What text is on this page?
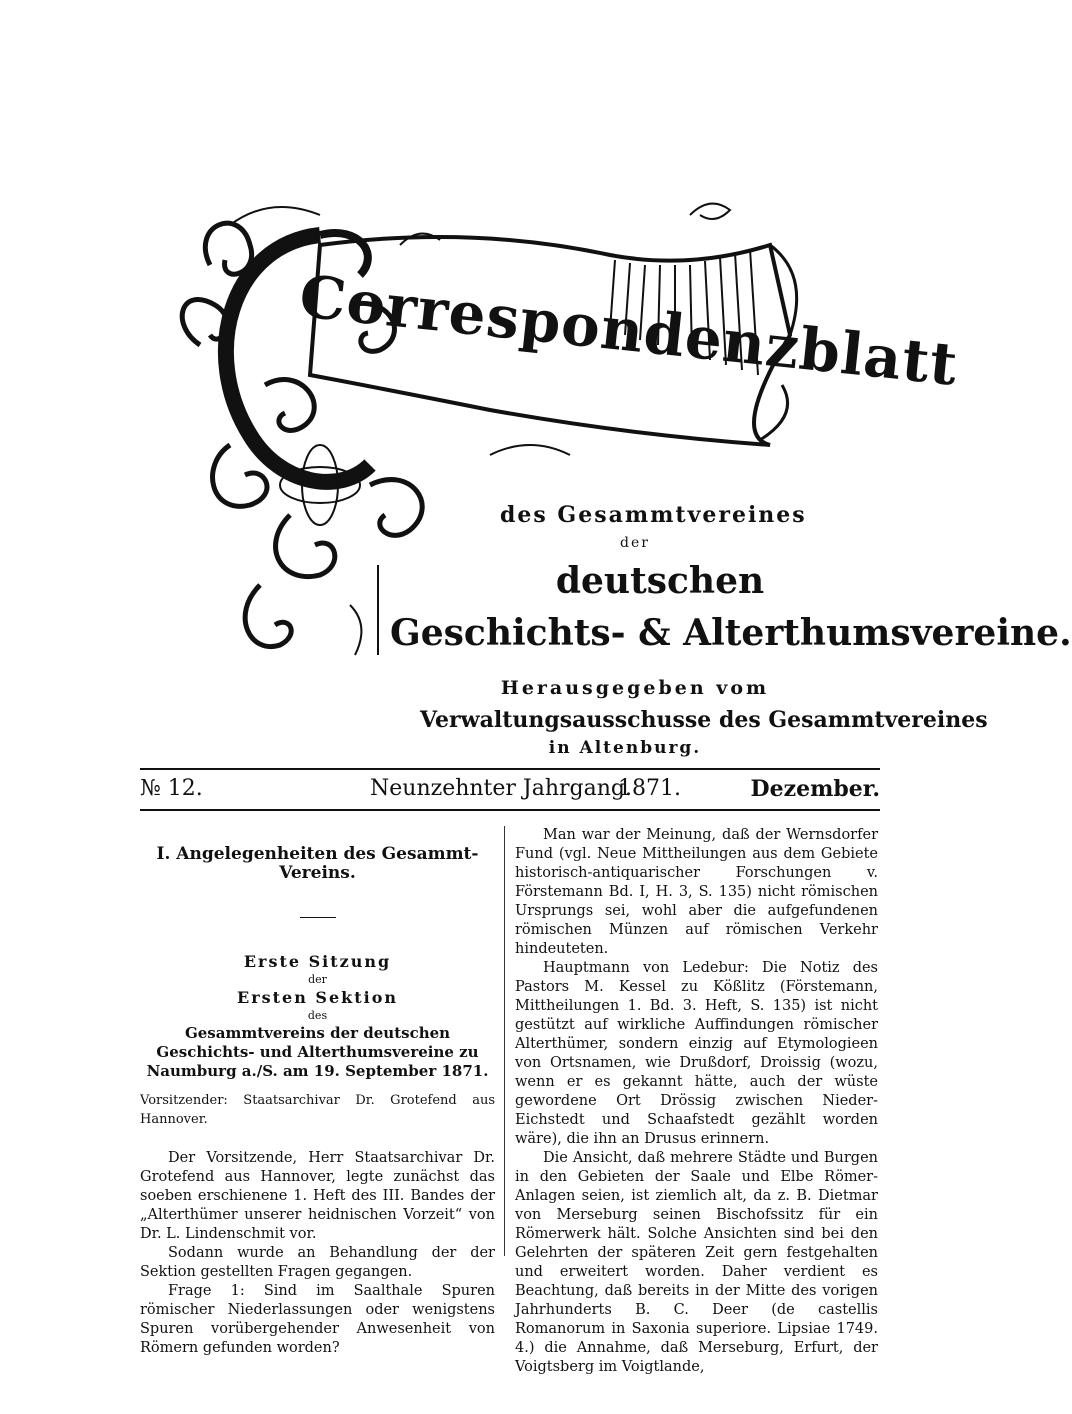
Correspondenzblatt
des Gesammtvereines
der
deutschen
Geschichts- & Alterthumsvereine.
Herausgegeben vom
Verwaltungsausschusse des Gesammtvereines
in Altenburg.
№ 12.	Neunzehnter Jahrgang.
1871.	Dezember.
I. Angelegenheiten des Gesammt-Vereins.
Erste Sitzung
der
Ersten Sektion
des
Gesammtvereins der deutschen Geschichts- und Alterthumsvereine zu Naumburg a./S. am 19. September 1871.
Vorsitzender: Staatsarchivar Dr. Grotefend aus Hannover.

Der Vorsitzende, Herr Staatsarchivar Dr. Grotefend aus Hannover, legte zunächst das soeben erschienene 1. Heft des III. Bandes der „Alterthümer unserer heidnischen Vorzeit“ von Dr. L. Lindenschmit vor.

Sodann wurde an Behandlung der der Sektion gestellten Fragen gegangen.

Frage 1: Sind im Saalthale Spuren römischer Niederlassungen oder wenigstens Spuren vorübergehender Anwesenheit von Römern gefunden worden?

Man war der Meinung, daß der Wernsdorfer Fund (vgl. Neue Mittheilungen aus dem Gebiete historisch-antiquarischer Forschungen v. Förstemann Bd. I, H. 3, S. 135) nicht römischen Ursprungs sei, wohl aber die aufgefundenen römischen Münzen auf römischen Verkehr hindeuteten.

Hauptmann von Ledebur: Die Notiz des Pastors M. Kessel zu Kößlitz (Förstemann, Mittheilungen 1. Bd. 3. Heft, S. 135) ist nicht gestützt auf wirkliche Auffindungen römischer Alterthümer, sondern einzig auf Etymologieen von Ortsnamen, wie Drußdorf, Droissig (wozu, wenn er es gekannt hätte, auch der wüste gewordene Ort Drössig zwischen Nieder-Eichstedt und Schaafstedt gezählt worden wäre), die ihn an Drusus erinnern.

Die Ansicht, daß mehrere Städte und Burgen in den Gebieten der Saale und Elbe Römer-Anlagen seien, ist ziemlich alt, da z. B. Dietmar von Merseburg seinen Bischofssitz für ein Römerwerk hält. Solche Ansichten sind bei den Gelehrten der späteren Zeit gern festgehalten und erweitert worden. Daher verdient es Beachtung, daß bereits in der Mitte des vorigen Jahrhunderts B. C. Deer (de castellis Romanorum in Saxonia superiore. Lipsiae 1749. 4.) die Annahme, daß Merseburg, Erfurt, der Voigtsberg im Voigtlande,
